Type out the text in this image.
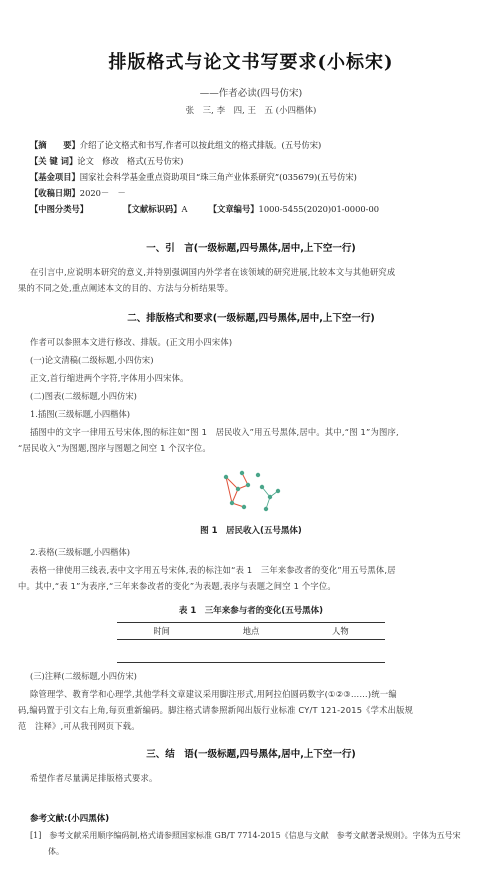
排版格式与论文书写要求(小标宋)
——作者必读(四号仿宋)
张　三, 李　四, 王　五 (小四楷体)
【摘　　要】介绍了论文格式和书写,作者可以按此组文的格式排版。(五号仿宋)
【关 键 词】论文　修改　格式(五号仿宋)
【基金项目】国家社会科学基金重点资助项目“珠三角产业体系研究”(035679)(五号仿宋)
【收稿日期】2020－　－
【中图分类号】	【文献标识码】A	【文章编号】1000-5455(2020)01-0000-00
一、引　言(一级标题,四号黑体,居中,上下空一行)
在引言中,应说明本研究的意义,并特别强调国内外学者在该领域的研究进展,比较本文与其他研究成
果的不同之处,重点阐述本文的目的、方法与分析结果等。
二、排版格式和要求(一级标题,四号黑体,居中,上下空一行)
作者可以参照本文进行修改、排版。(正文用小四宋体)
(一)论文清稿(二级标题,小四仿宋)
正文,首行缩进两个字符,字体用小四宋体。
(二)图表(二级标题,小四仿宋)
1.插图(三级标题,小四楷体)
插图中的文字一律用五号宋体,图的标注如“图 1　居民收入”用五号黑体,居中。其中,“图 1”为图序,
“居民收入”为图题,图序与图题之间空 1 个汉字位。
图 1　居民收入(五号黑体)
2.表格(三级标题,小四楷体)
表格一律使用三线表,表中文字用五号宋体,表的标注如“表 1　三年来参改者的变化”用五号黑体,居
中。其中,“表 1”为表序,“三年来参改者的变化”为表题,表序与表题之间空 1 个字位。
表 1　三年来参与者的变化(五号黑体)
时间	地点	人物
(三)注释(二级标题,小四仿宋)
除管理学、教育学和心理学,其他学科文章建议采用脚注形式,用阿拉伯圆码数字(①②③……)统一编
码,编码置于引文右上角,每页重新编码。脚注格式请参照新闻出版行业标准 CY/T 121-2015《学术出版规
范　注释》,可从我刊网页下载。
三、结　语(一级标题,四号黑体,居中,上下空一行)
希望作者尽量满足排版格式要求。
参考文献:(小四黑体)
[1]　参考文献采用顺序编码制,格式请参照国家标准 GB/T 7714-2015《信息与文献　参考文献著录规则》。字体为五号宋
体。
